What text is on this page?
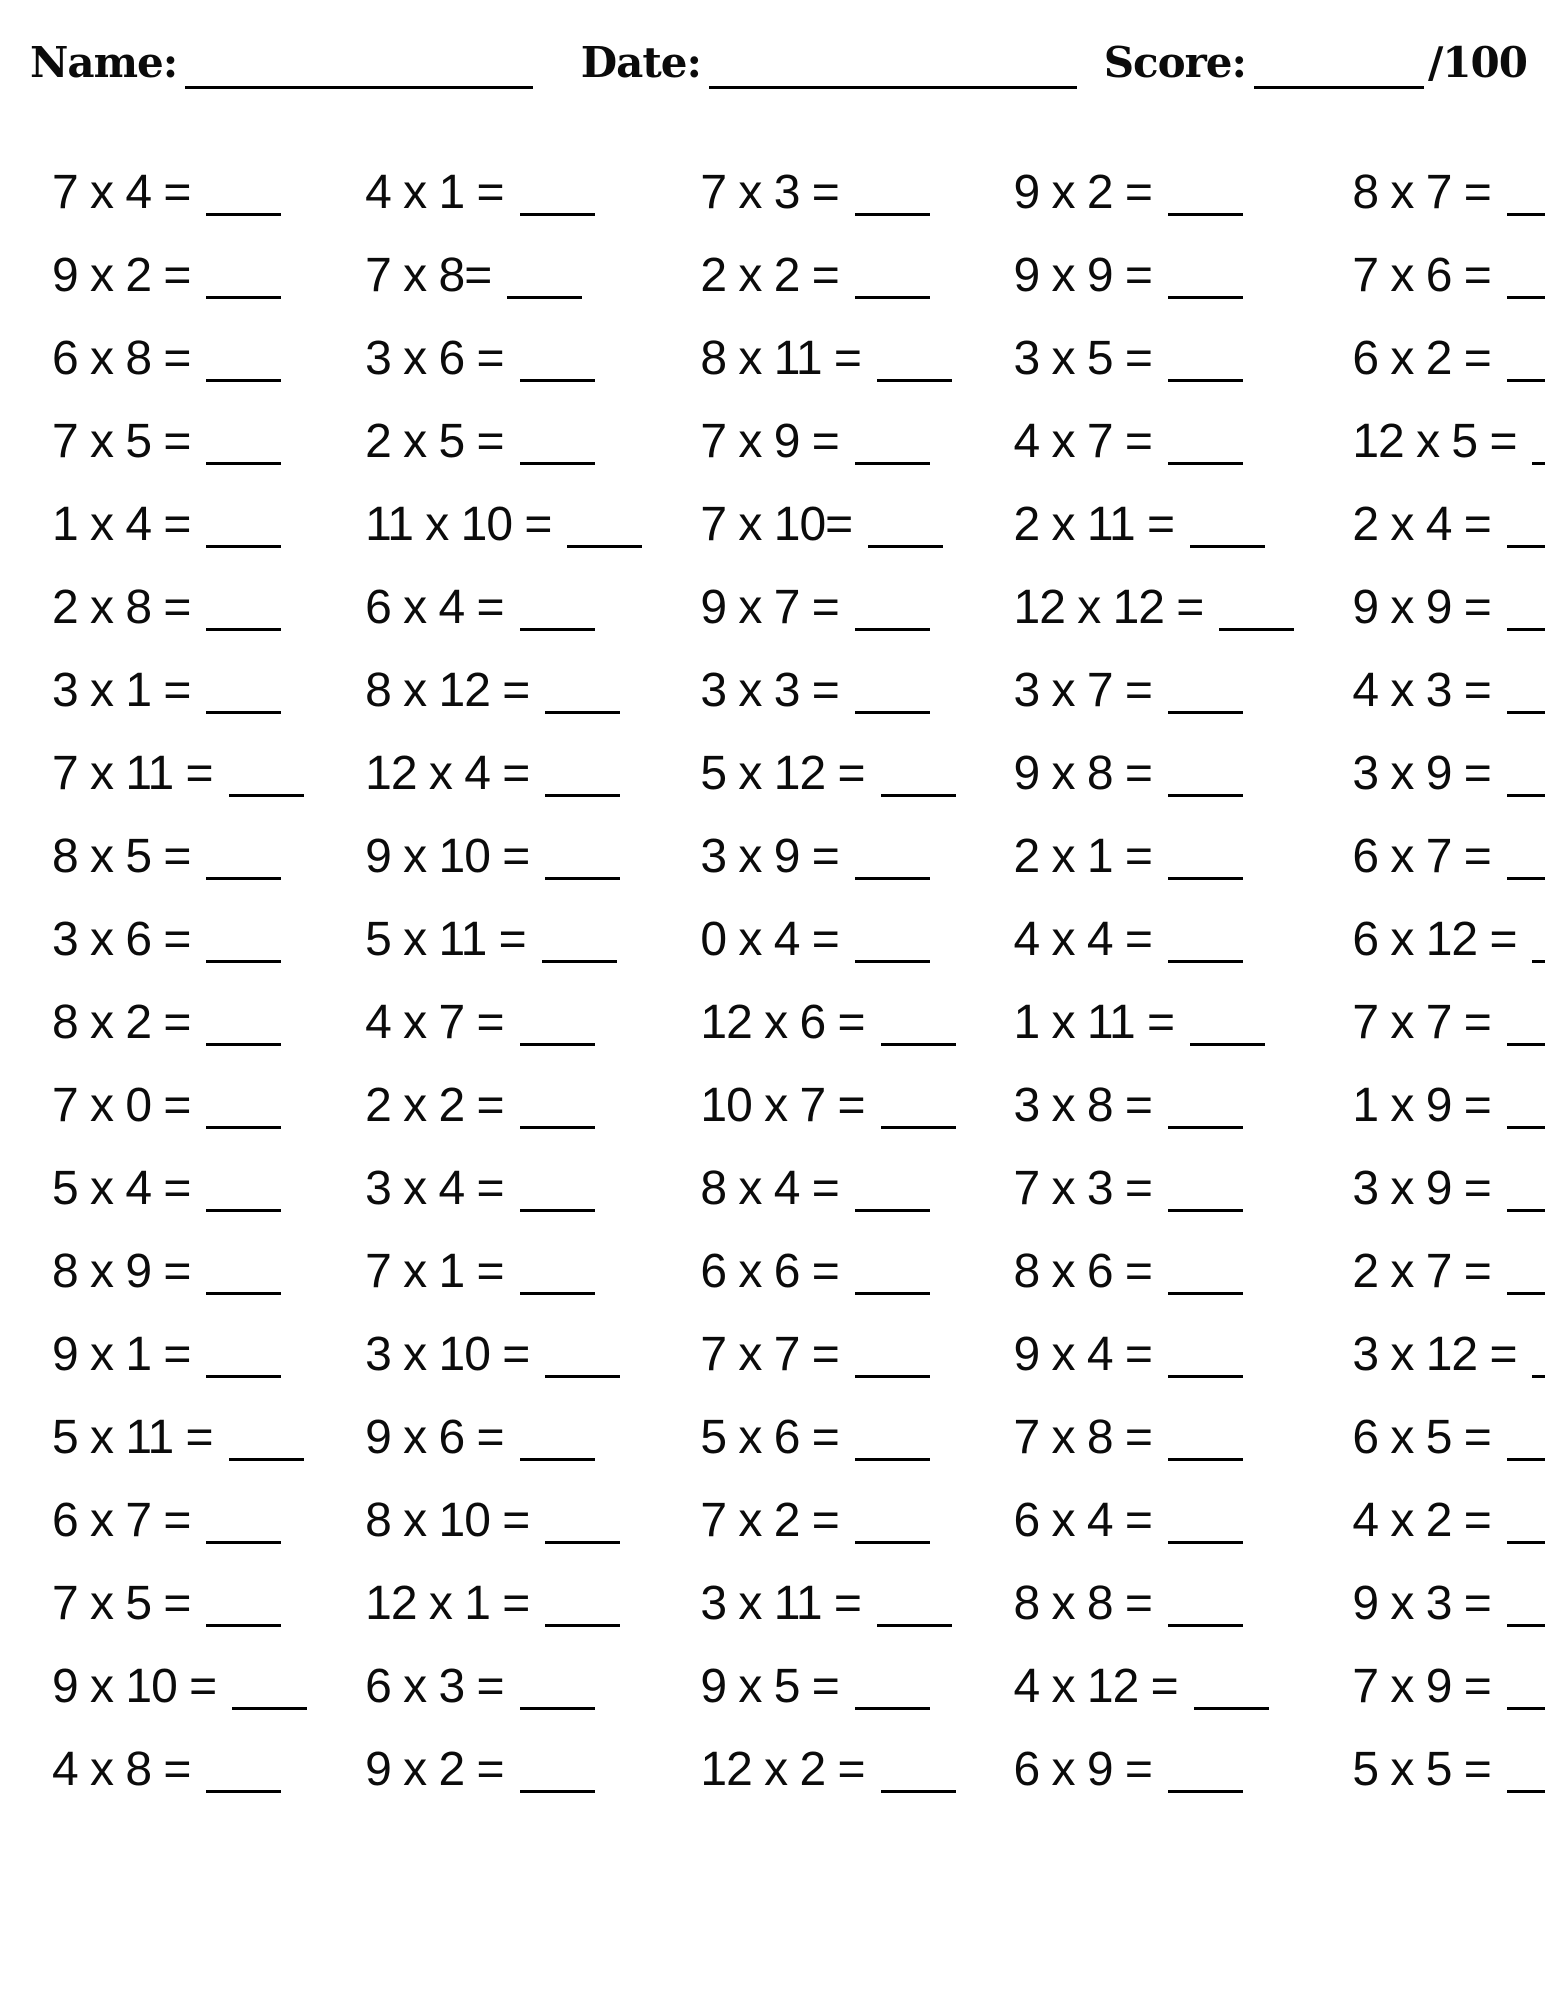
Name:	Date:	Score:	/100
7 x 4 =	4 x 1 =	7 x 3 =	9 x 2 =	8 x 7 =
9 x 2 =	7 x 8=	2 x 2 =	9 x 9 =	7 x 6 =
6 x 8 =	3 x 6 =	8 x 11 =	3 x 5 =	6 x 2 =
7 x 5 =	2 x 5 =	7 x 9 =	4 x 7 =	12 x 5 =
1 x 4 =	11 x 10 =	7 x 10=	2 x 11 =	2 x 4 =
2 x 8 =	6 x 4 =	9 x 7 =	12 x 12 =	9 x 9 =
3 x 1 =	8 x 12 =	3 x 3 =	3 x 7 =	4 x 3 =
7 x 11 =	12 x 4 =	5 x 12 =	9 x 8 =	3 x 9 =
8 x 5 =	9 x 10 =	3 x 9 =	2 x 1 =	6 x 7 =
3 x 6 =	5 x 11 =	0 x 4 =	4 x 4 =	6 x 12 =
8 x 2 =	4 x 7 =	12 x 6 =	1 x 11 =	7 x 7 =
7 x 0 =	2 x 2 =	10 x 7 =	3 x 8 =	1 x 9 =
5 x 4 =	3 x 4 =	8 x 4 =	7 x 3 =	3 x 9 =
8 x 9 =	7 x 1 =	6 x 6 =	8 x 6 =	2 x 7 =
9 x 1 =	3 x 10 =	7 x 7 =	9 x 4 =	3 x 12 =
5 x 11 =	9 x 6 =	5 x 6 =	7 x 8 =	6 x 5 =
6 x 7 =	8 x 10 =	7 x 2 =	6 x 4 =	4 x 2 =
7 x 5 =	12 x 1 =	3 x 11 =	8 x 8 =	9 x 3 =
9 x 10 =	6 x 3 =	9 x 5 =	4 x 12 =	7 x 9 =
4 x 8 =	9 x 2 =	12 x 2 =	6 x 9 =	5 x 5 =
